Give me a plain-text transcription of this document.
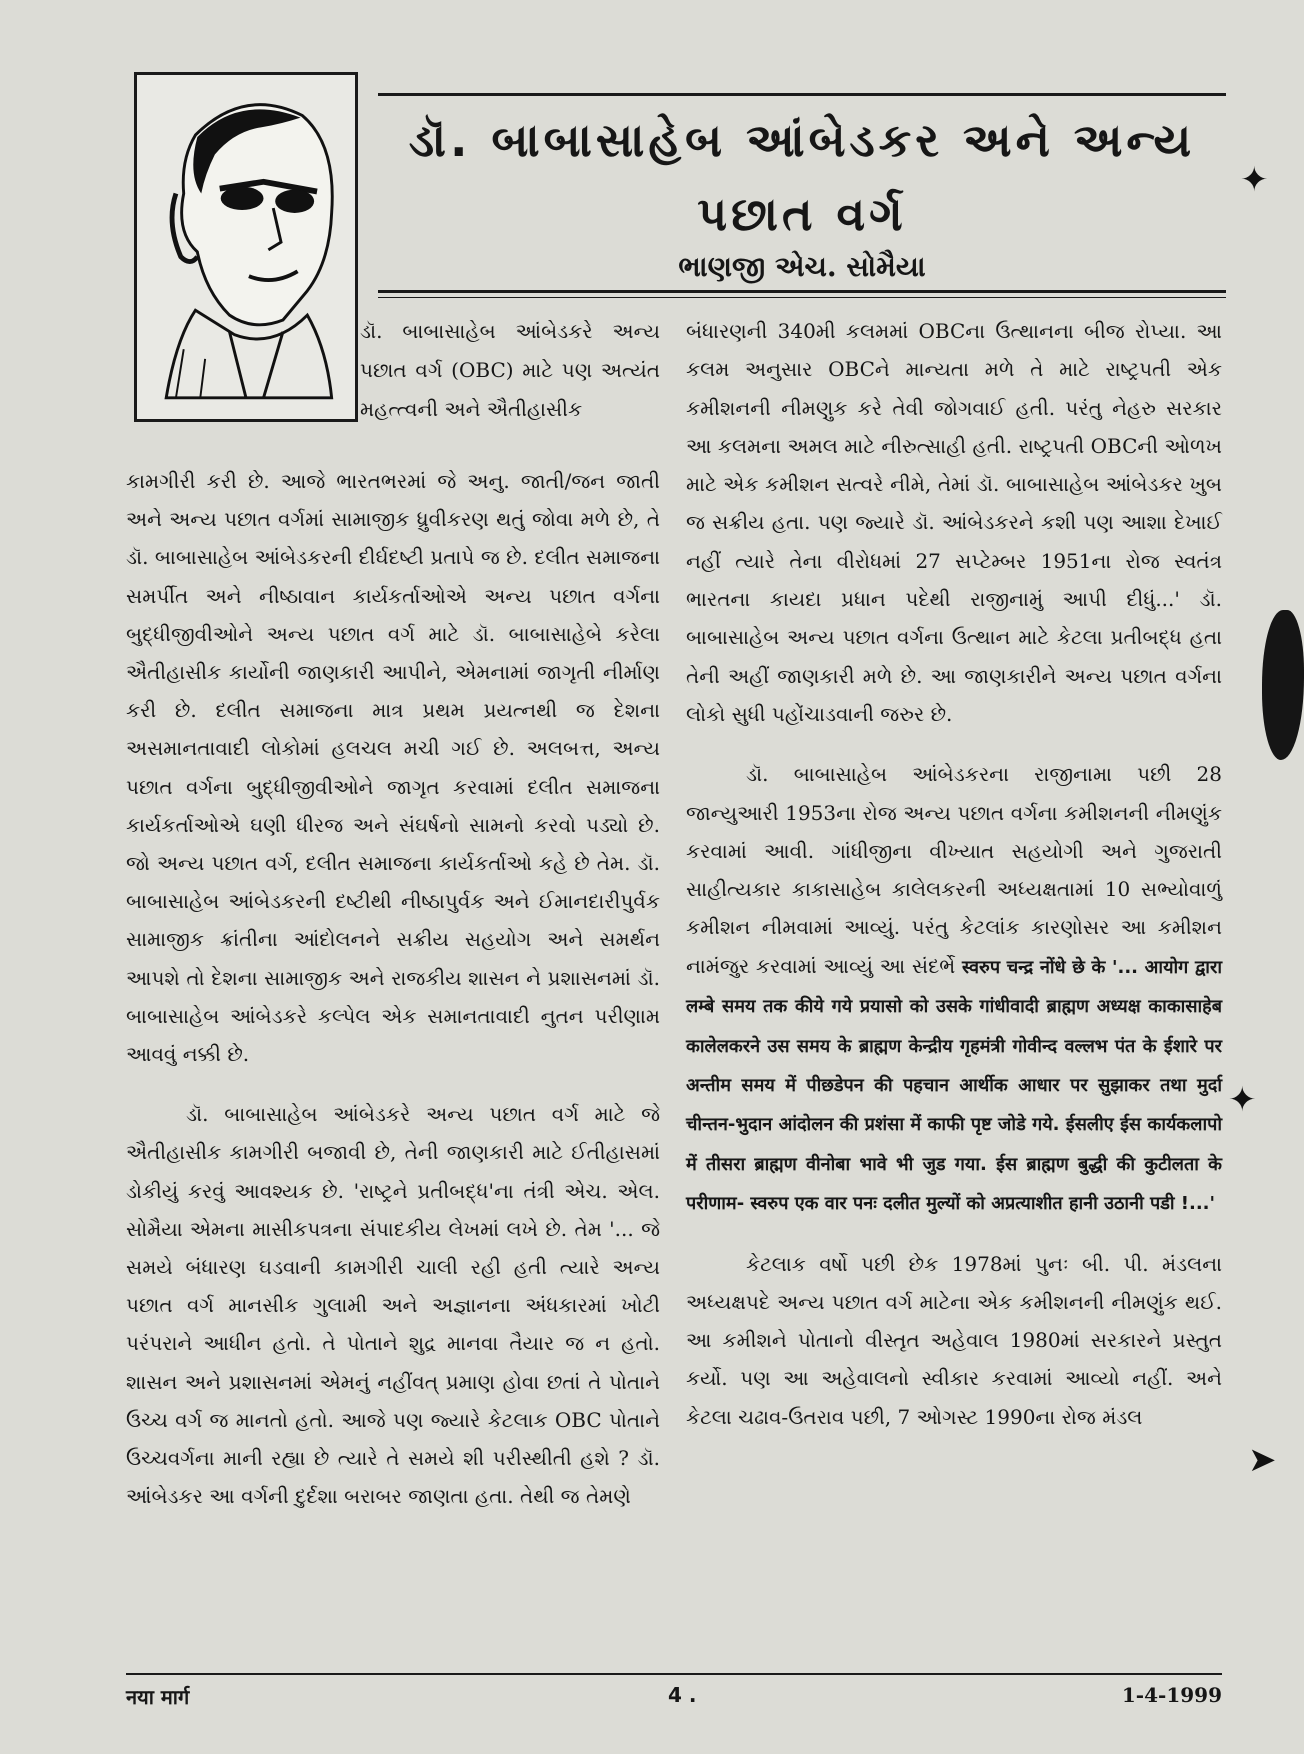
ડૉ. બાબાસાહેબ આંબેડકર અને અન્ય પછાત વર્ગ
ભાણજી એચ. સોમૈયા

ડૉ. બાબાસાહેબ આંબેડકરે અન્ય પછાત વર્ગ (OBC) માટે પણ અત્યંત મહત્ત્વની અને ઐતીહાસીક

કામગીરી કરી છે. આજે ભારતભરમાં જે અનુ. જાતી/જન જાતી અને અન્ય પછાત વર્ગમાં સામાજીક ધ્રુવીકરણ થતું જોવા મળે છે, તે ડૉ. બાબાસાહેબ આંબેડકરની દીર્ઘદષ્ટી પ્રતાપે જ છે. દલીત સમાજના સમર્પીત અને નીષ્ઠાવાન કાર્યકર્તાઓએ અન્ય પછાત વર્ગના બુદ્ધીજીવીઓને અન્ય પછાત વર્ગ માટે ડૉ. બાબાસાહેબે કરેલા ઐતીહાસીક કાર્યોની જાણકારી આપીને, એમનામાં જાગૃતી નીર્માણ કરી છે. દલીત સમાજના માત્ર પ્રથમ પ્રયત્નથી જ દેશના અસમાનતાવાદી લોકોમાં હલચલ મચી ગઈ છે. અલબત્ત, અન્ય પછાત વર્ગના બુદ્ધીજીવીઓને જાગૃત કરવામાં દલીત સમાજના કાર્યકર્તાઓએ ઘણી ધીરજ અને સંઘર્ષનો સામનો કરવો પડ્યો છે. જો અન્ય પછાત વર્ગ, દલીત સમાજના કાર્યકર્તાઓ કહે છે તેમ. ડૉ. બાબાસાહેબ આંબેડકરની દષ્ટીથી નીષ્ઠાપુર્વક અને ઈમાનદારીપુર્વક સામાજીક ક્રાંતીના આંદોલનને સક્રીય સહયોગ અને સમર્થન આપશે તો દેશના સામાજીક અને રાજકીય શાસન ને પ્રશાસનમાં ડૉ. બાબાસાહેબ આંબેડકરે કલ્પેલ એક સમાનતાવાદી નુતન પરીણામ આવવું નક્કી છે.

ડૉ. બાબાસાહેબ આંબેડકરે અન્ય પછાત વર્ગ માટે જે ઐતીહાસીક કામગીરી બજાવી છે, તેની જાણકારી માટે ઈતીહાસમાં ડોકીયું કરવું આવશ્યક છે. 'રાષ્ટ્રને પ્રતીબદ્ધ'ના તંત્રી એચ. એલ. સોમૈયા એમના માસીકપત્રના સંપાદકીય લેખમાં લખે છે. તેમ '... જે સમયે બંધારણ ઘડવાની કામગીરી ચાલી રહી હતી ત્યારે અન્ય પછાત વર્ગ માનસીક ગુલામી અને અજ્ઞાનના અંધકારમાં ખોટી પરંપરાને આધીન હતો. તે પોતાને શુદ્ર માનવા તૈયાર જ ન હતો. શાસન અને પ્રશાસનમાં એમનું નહીંવત્ પ્રમાણ હોવા છતાં તે પોતાને ઉચ્ચ વર્ગ જ માનતો હતો. આજે પણ જ્યારે કેટલાક OBC પોતાને ઉચ્ચવર્ગના માની રહ્યા છે ત્યારે તે સમયે શી પરીસ્થીતી હશે ? ડૉ. આંબેડકર આ વર્ગની દુર્દશા બરાબર જાણતા હતા. તેથી જ તેમણે

બંધારણની 340મી કલમમાં OBCના ઉત્થાનના બીજ રોપ્યા. આ કલમ અનુસાર OBCને માન્યતા મળે તે માટે રાષ્ટ્રપતી એક કમીશનની નીમણુક કરે તેવી જોગવાઈ હતી. પરંતુ નેહરુ સરકાર આ કલમના અમલ માટે નીરુત્સાહી હતી. રાષ્ટ્રપતી OBCની ઓળખ માટે એક કમીશન સત્વરે નીમે, તેમાં ડૉ. બાબાસાહેબ આંબેડકર ખુબ જ સક્રીય હતા. પણ જ્યારે ડૉ. આંબેડકરને કશી પણ આશા દેખાઈ નહીં ત્યારે તેના વીરોધમાં 27 સપ્ટેમ્બર 1951ના રોજ સ્વતંત્ર ભારતના કાયદા પ્રધાન પદેથી રાજીનામું આપી દીધું...' ડૉ. બાબાસાહેબ અન્ય પછાત વર્ગના ઉત્થાન માટે કેટલા પ્રતીબદ્ધ હતા તેની અહીં જાણકારી મળે છે. આ જાણકારીને અન્ય પછાત વર્ગના લોકો સુધી પહોંચાડવાની જરુર છે.

ડૉ. બાબાસાહેબ આંબેડકરના રાજીનામા પછી 28 જાન્યુઆરી 1953ના રોજ અન્ય પછાત વર્ગના કમીશનની નીમણુંક કરવામાં આવી. ગાંધીજીના વીખ્યાત સહયોગી અને ગુજરાતી સાહીત્યકાર કાકાસાહેબ કાલેલકરની અધ્યક્ષતામાં 10 સભ્યોવાળું કમીશન નીમવામાં આવ્યું. પરંતુ કેટલાંક કારણોસર આ કમીશન નામંજુર કરવામાં આવ્યું આ સંદર્ભે स्वरुप चन्द्र नोंधे छे के '... आयोग द्वारा लम्बे समय तक कीये गये प्रयासो को उसके गांधीवादी ब्राह्मण अध्यक्ष काकासाहेब कालेलकरने उस समय के ब्राह्मण केन्द्रीय गृहमंत्री गोवीन्द वल्लभ पंत के ईशारे पर अन्तीम समय में पीछडेपन की पहचान आर्थीक आधार पर सुझाकर तथा मुर्दा चीन्तन-भुदान आंदोलन की प्रशंसा में काफी पृष्ट जोडे गये. ईसलीए ईस कार्यकलापो में तीसरा ब्राह्मण वीनोबा भावे भी जुड गया. ईस ब्राह्मण बुद्धी की कुटीलता के परीणाम- स्वरुप एक वार पनः दलीत मुल्यों को अप्रत्याशीत हानी उठानी पडी !...'

કેટલાક વર્ષો પછી છેક 1978માં પુનઃ બી. પી. મંડલના અધ્યક્ષપદે અન્ય પછાત વર્ગ માટેના એક કમીશનની નીમણુંક થઈ. આ કમીશને પોતાનો વીસ્તૃત અહેવાલ 1980માં સરકારને પ્રસ્તુત કર્યો. પણ આ અહેવાલનો સ્વીકાર કરવામાં આવ્યો નહીં. અને કેટલા ચઢાવ-ઉતરાવ પછી, 7 ઓગસ્ટ 1990ના રોજ મંડલ

नया मार्ग	4 .	1-4-1999
✦
✦
➤
